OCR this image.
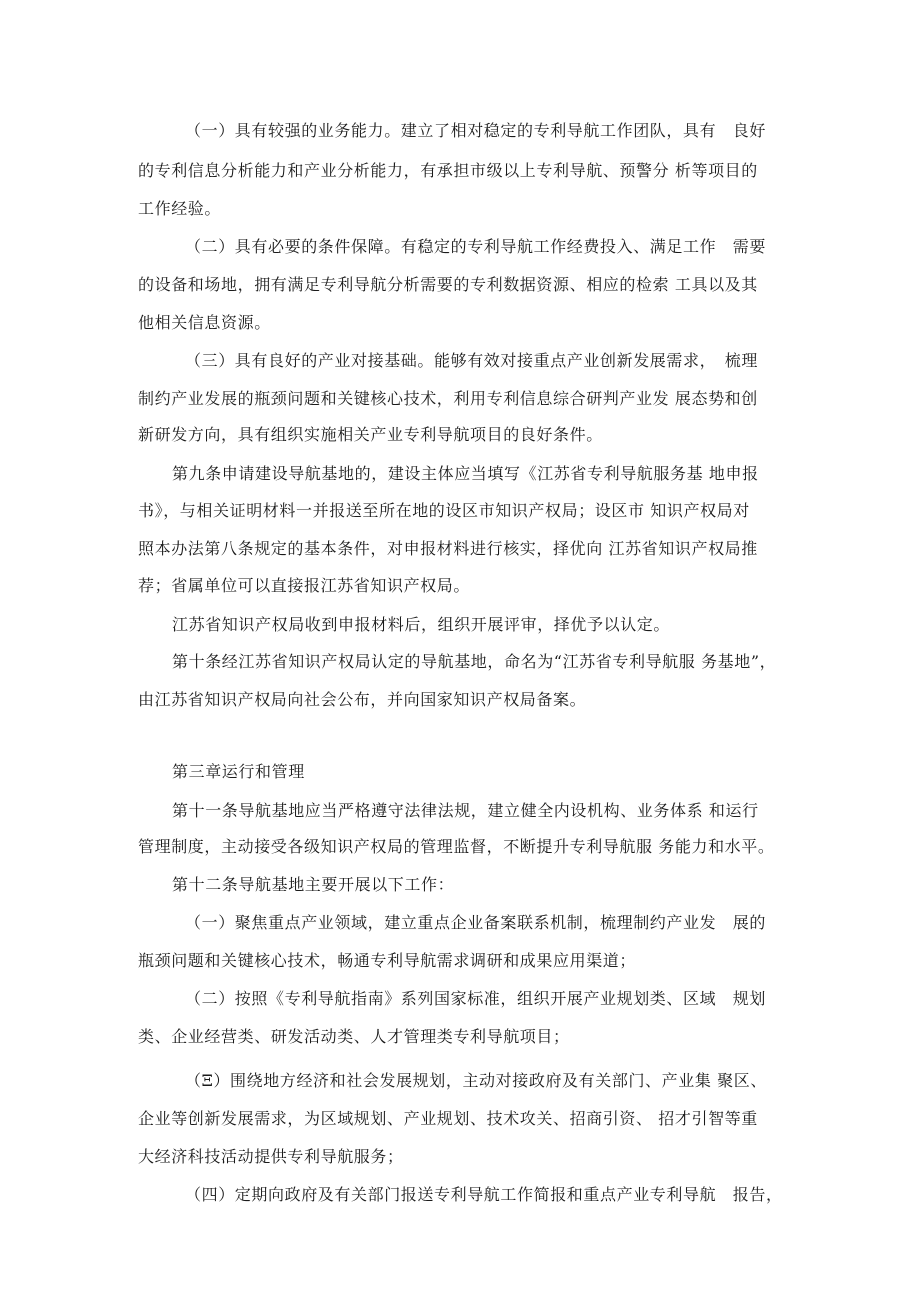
（一）具有较强的业务能力。建立了相对稳定的专利导航工作团队，具有　良好
的专利信息分析能力和产业分析能力，有承担市级以上专利导航、预警分 析等项目的
工作经验。
（二）具有必要的条件保障。有稳定的专利导航工作经费投入、满足工作　需要
的设备和场地，拥有满足专利导航分析需要的专利数据资源、相应的检索 工具以及其
他相关信息资源。
（三）具有良好的产业对接基础。能够有效对接重点产业创新发展需求，　梳理
制约产业发展的瓶颈问题和关键核心技术，利用专利信息综合研判产业发 展态势和创
新研发方向，具有组织实施相关产业专利导航项目的良好条件。
第九条申请建设导航基地的，建设主体应当填写《江苏省专利导航服务基 地申报
书》，与相关证明材料一并报送至所在地的设区市知识产权局；设区市 知识产权局对
照本办法第八条规定的基本条件，对申报材料进行核实，择优向 江苏省知识产权局推
荐；省属单位可以直接报江苏省知识产权局。
江苏省知识产权局收到申报材料后，组织开展评审，择优予以认定。
第十条经江苏省知识产权局认定的导航基地，命名为“江苏省专利导航服 务基地”，
由江苏省知识产权局向社会公布，并向国家知识产权局备案。
第三章运行和管理
第十一条导航基地应当严格遵守法律法规，建立健全内设机构、业务体系 和运行
管理制度，主动接受各级知识产权局的管理监督，不断提升专利导航服 务能力和水平。
第十二条导航基地主要开展以下工作：
（一）聚焦重点产业领域，建立重点企业备案联系机制，梳理制约产业发　展的
瓶颈问题和关键核心技术，畅通专利导航需求调研和成果应用渠道；
（二）按照《专利导航指南》系列国家标准，组织开展产业规划类、区域　规划
类、企业经营类、研发活动类、人才管理类专利导航项目；
（Ξ）围绕地方经济和社会发展规划，主动对接政府及有关部门、产业集 聚区、
企业等创新发展需求，为区域规划、产业规划、技术攻关、招商引资、 招才引智等重
大经济科技活动提供专利导航服务；
（四）定期向政府及有关部门报送专利导航工作简报和重点产业专利导航　报告，
